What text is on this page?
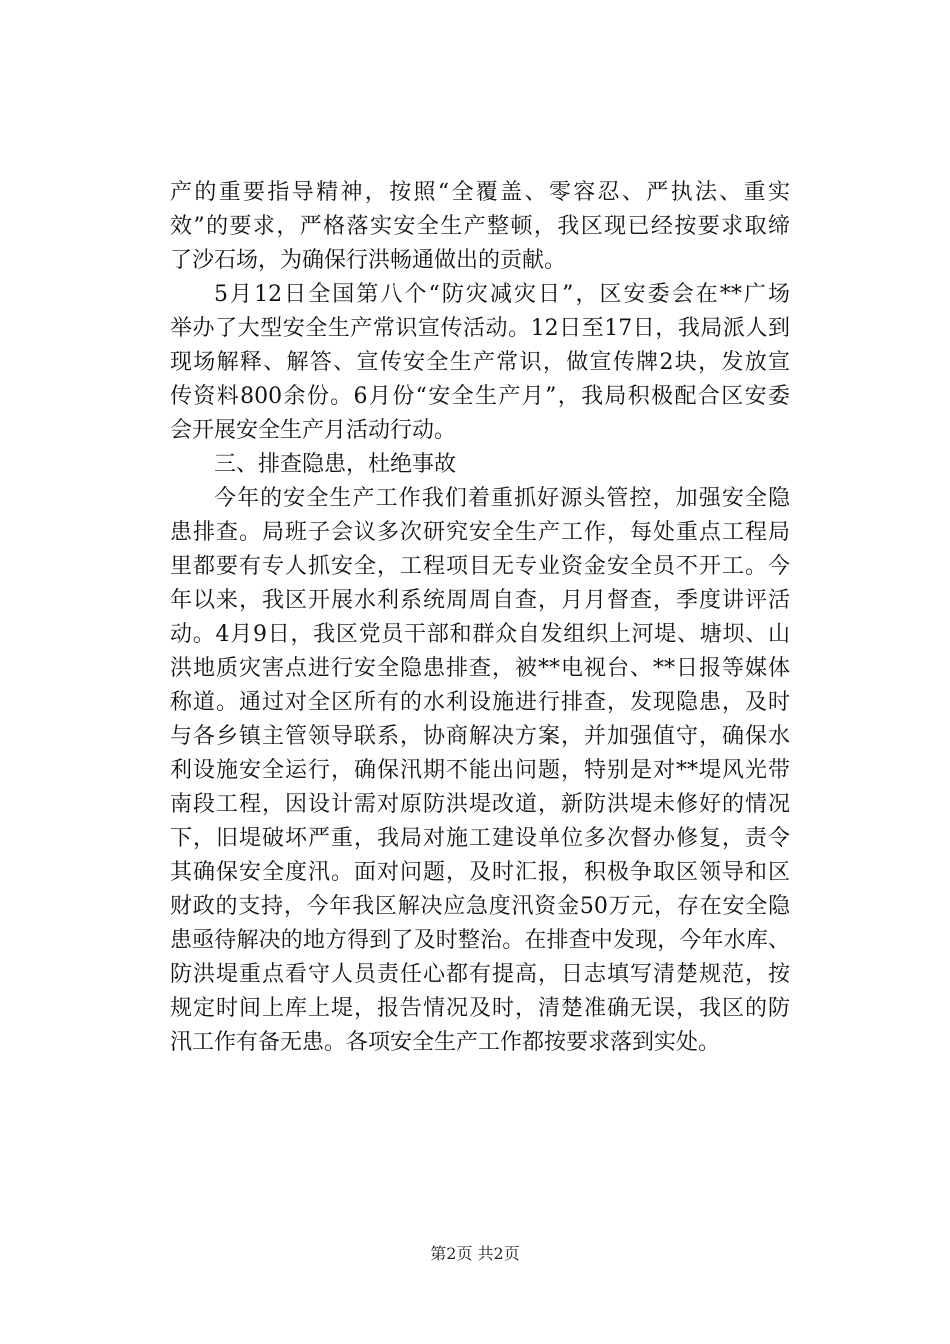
产的重要指导精神，按照“全覆盖、零容忍、严执法、重实
效”的要求，严格落实安全生产整顿，我区现已经按要求取缔
了沙石场，为确保行洪畅通做出的贡献。
5月12日全国第八个“防灾减灾日”，区安委会在**广场
举办了大型安全生产常识宣传活动。12日至17日，我局派人到
现场解释、解答、宣传安全生产常识，做宣传牌2块，发放宣
传资料800余份。6月份“安全生产月”，我局积极配合区安委
会开展安全生产月活动行动。
三、排查隐患，杜绝事故
今年的安全生产工作我们着重抓好源头管控，加强安全隐
患排查。局班子会议多次研究安全生产工作，每处重点工程局
里都要有专人抓安全，工程项目无专业资金安全员不开工。今
年以来，我区开展水利系统周周自查，月月督查，季度讲评活
动。4月9日，我区党员干部和群众自发组织上河堤、塘坝、山
洪地质灾害点进行安全隐患排查，被**电视台、**日报等媒体
称道。通过对全区所有的水利设施进行排查，发现隐患，及时
与各乡镇主管领导联系，协商解决方案，并加强值守，确保水
利设施安全运行，确保汛期不能出问题，特别是对**堤风光带
南段工程，因设计需对原防洪堤改道，新防洪堤未修好的情况
下，旧堤破坏严重，我局对施工建设单位多次督办修复，责令
其确保安全度汛。面对问题，及时汇报，积极争取区领导和区
财政的支持，今年我区解决应急度汛资金50万元，存在安全隐
患亟待解决的地方得到了及时整治。在排查中发现，今年水库、
防洪堤重点看守人员责任心都有提高，日志填写清楚规范，按
规定时间上库上堤，报告情况及时，清楚准确无误，我区的防
汛工作有备无患。各项安全生产工作都按要求落到实处。
第2页 共2页
